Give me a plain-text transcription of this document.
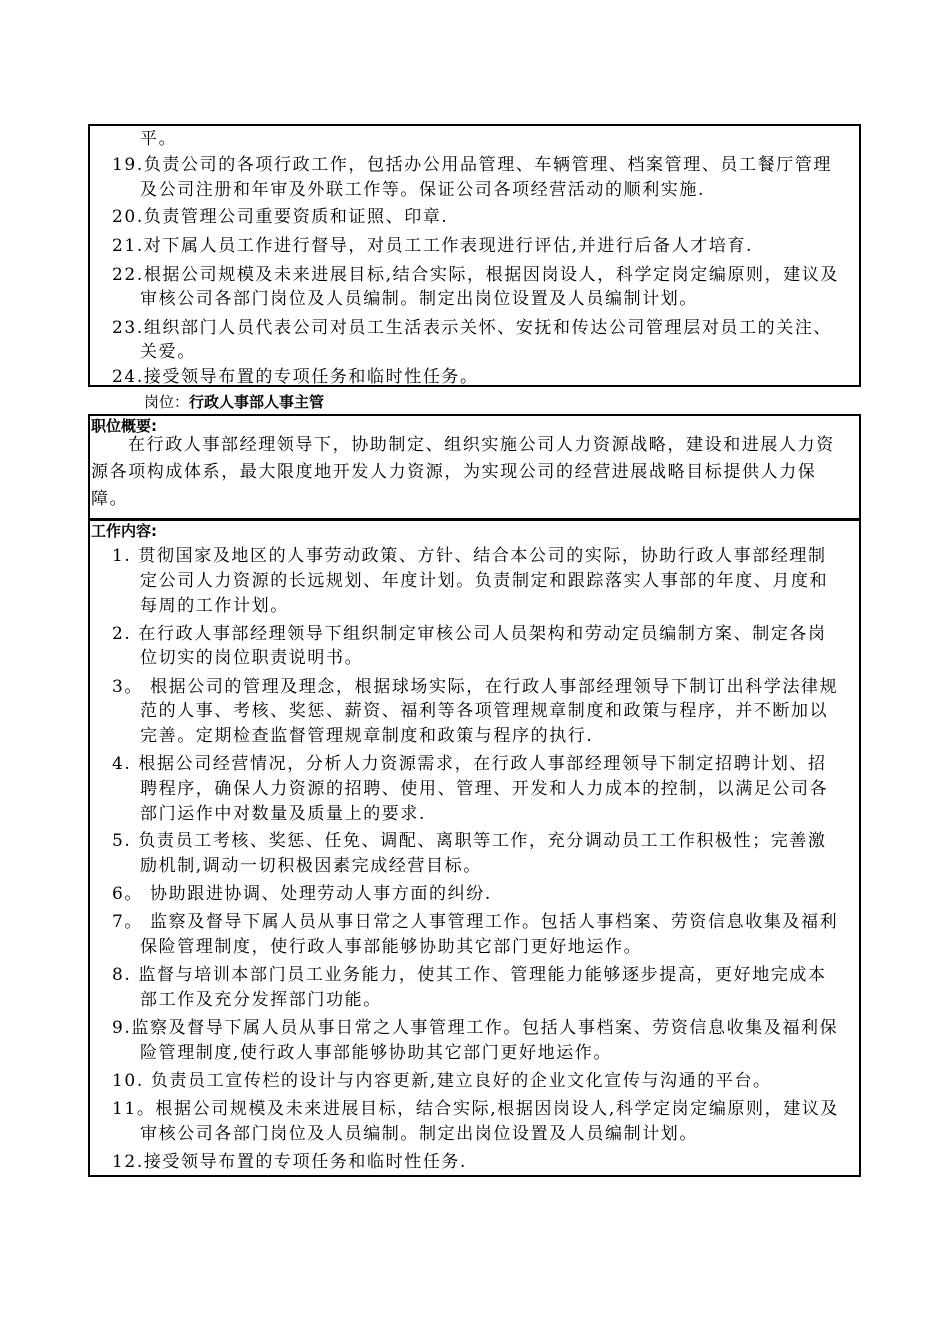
平。
19.负责公司的各项行政工作，包括办公用品管理、车辆管理、档案管理、员工餐厅管理
及公司注册和年审及外联工作等。保证公司各项经营活动的顺利实施.
20.负责管理公司重要资质和证照、印章.
21.对下属人员工作进行督导，对员工工作表现进行评估,并进行后备人才培育.
22.根据公司规模及未来进展目标,结合实际，根据因岗设人，科学定岗定编原则，建议及
审核公司各部门岗位及人员编制。制定出岗位设置及人员编制计划。
23.组织部门人员代表公司对员工生活表示关怀、安抚和传达公司管理层对员工的关注、
关爱。
24.接受领导布置的专项任务和临时性任务。
岗位：行政人事部人事主管
职位概要:
在行政人事部经理领导下，协助制定、组织实施公司人力资源战略，建设和进展人力资
源各项构成体系，最大限度地开发人力资源，为实现公司的经营进展战略目标提供人力保
障。
工作内容:
1. 贯彻国家及地区的人事劳动政策、方针、结合本公司的实际，协助行政人事部经理制
定公司人力资源的长远规划、年度计划。负责制定和跟踪落实人事部的年度、月度和
每周的工作计划。
2. 在行政人事部经理领导下组织制定审核公司人员架构和劳动定员编制方案、制定各岗
位切实的岗位职责说明书。
3。 根据公司的管理及理念，根据球场实际，在行政人事部经理领导下制订出科学法律规
范的人事、考核、奖惩、薪资、福利等各项管理规章制度和政策与程序，并不断加以
完善。定期检查监督管理规章制度和政策与程序的执行.
4. 根据公司经营情况，分析人力资源需求，在行政人事部经理领导下制定招聘计划、招
聘程序，确保人力资源的招聘、使用、管理、开发和人力成本的控制，以满足公司各
部门运作中对数量及质量上的要求.
5. 负责员工考核、奖惩、任免、调配、离职等工作，充分调动员工工作积极性；完善激
励机制,调动一切积极因素完成经营目标。
6。 协助跟进协调、处理劳动人事方面的纠纷.
7。 监察及督导下属人员从事日常之人事管理工作。包括人事档案、劳资信息收集及福利
保险管理制度，使行政人事部能够协助其它部门更好地运作。
8. 监督与培训本部门员工业务能力，使其工作、管理能力能够逐步提高，更好地完成本
部工作及充分发挥部门功能。
9.监察及督导下属人员从事日常之人事管理工作。包括人事档案、劳资信息收集及福利保
险管理制度,使行政人事部能够协助其它部门更好地运作。
10. 负责员工宣传栏的设计与内容更新,建立良好的企业文化宣传与沟通的平台。
11。根据公司规模及未来进展目标，结合实际,根据因岗设人,科学定岗定编原则，建议及
审核公司各部门岗位及人员编制。制定出岗位设置及人员编制计划。
12.接受领导布置的专项任务和临时性任务.
